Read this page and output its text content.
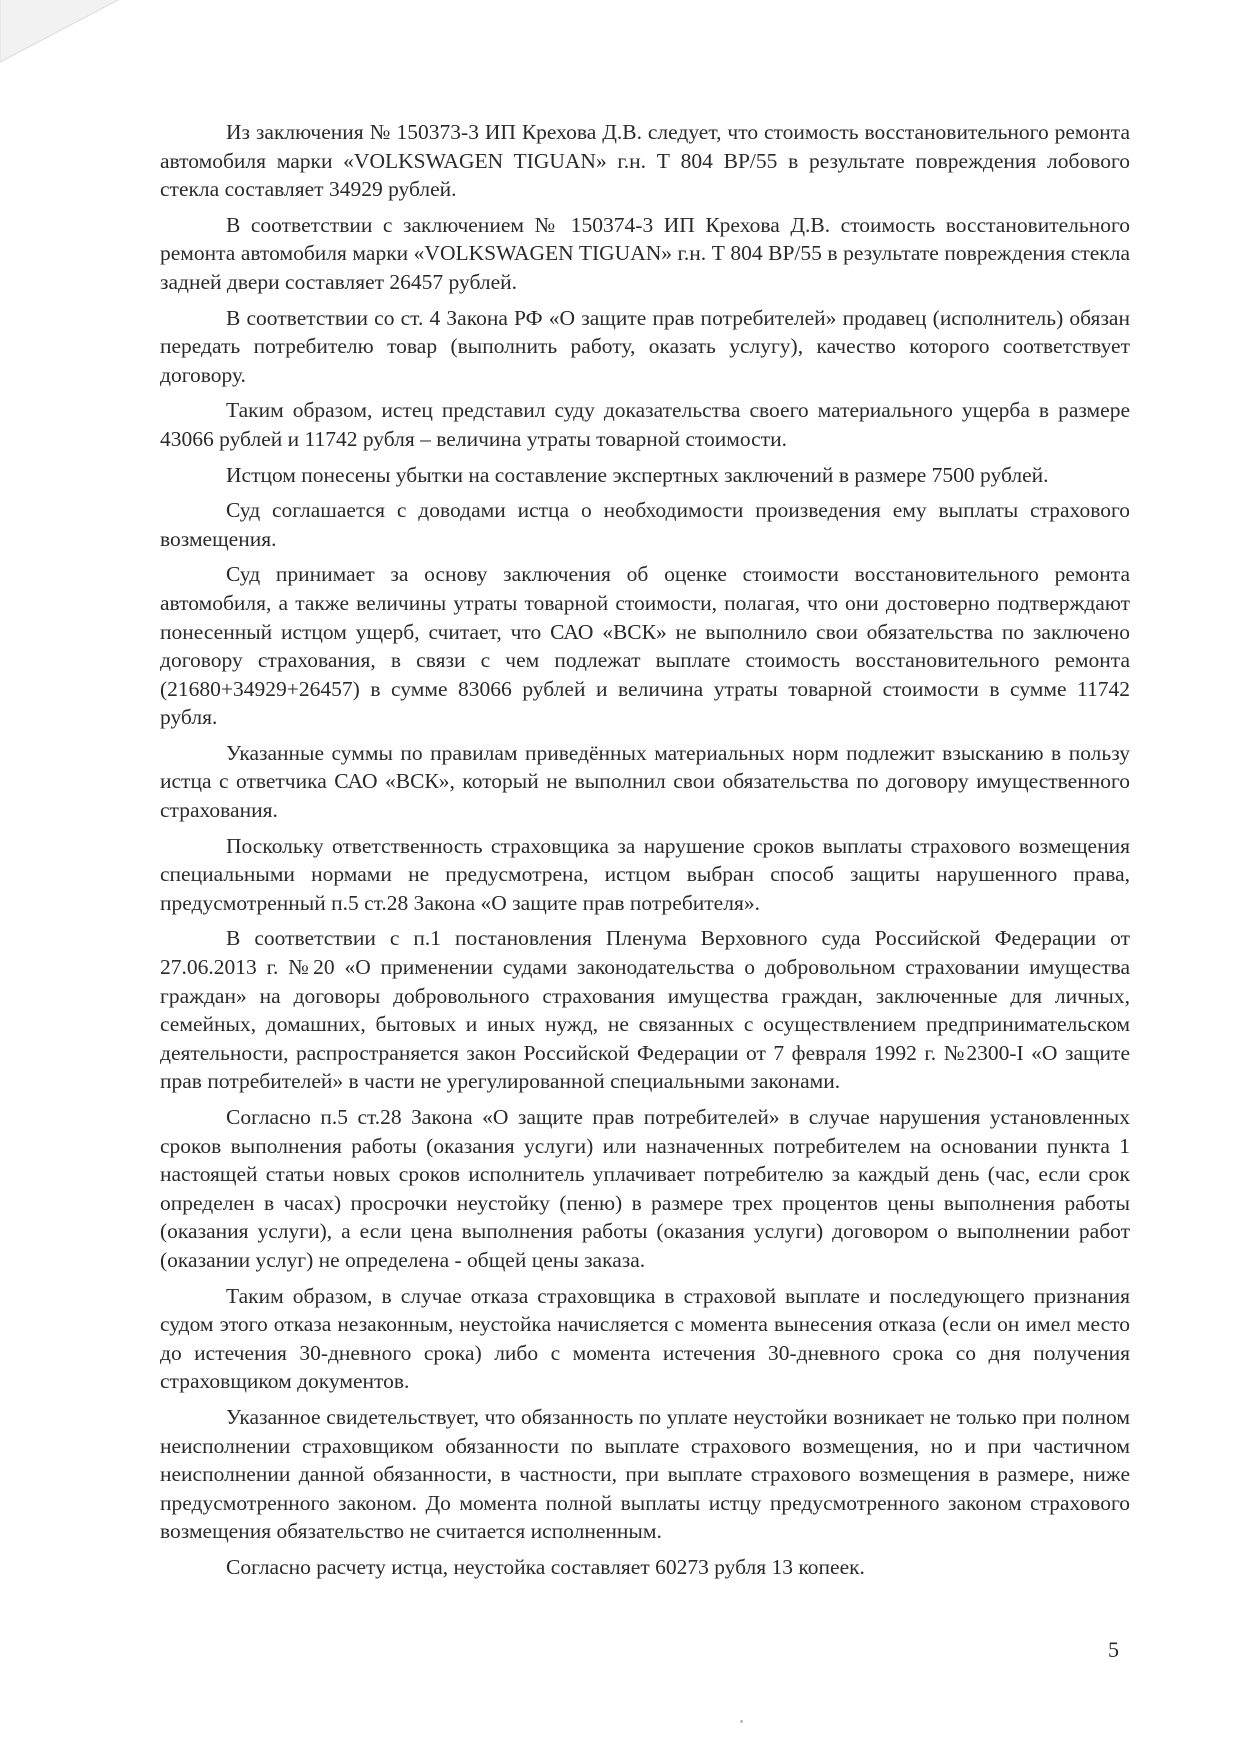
Из заключения № 150373-3 ИП Крехова Д.В. следует, что стоимость восстановительного ремонта автомобиля марки «VOLKSWAGEN TIGUAN» г.н. Т 804 ВР/55 в результате повреждения лобового стекла составляет 34929 рублей.

В соответствии с заключением № 150374-3 ИП Крехова Д.В. стоимость восстановительного ремонта автомобиля марки «VOLKSWAGEN TIGUAN» г.н. Т 804 ВР/55 в результате повреждения стекла задней двери составляет 26457 рублей.

В соответствии со ст. 4 Закона РФ «О защите прав потребителей» продавец (исполнитель) обязан передать потребителю товар (выполнить работу, оказать услугу), качество которого соответствует договору.

Таким образом, истец представил суду доказательства своего материального ущерба в размере 43066 рублей и 11742 рубля – величина утраты товарной стоимости.

Истцом понесены убытки на составление экспертных заключений в размере 7500 рублей.

Суд соглашается с доводами истца о необходимости произведения ему выплаты страхового возмещения.

Суд принимает за основу заключения об оценке стоимости восстановительного ремонта автомобиля, а также величины утраты товарной стоимости, полагая, что они достоверно подтверждают понесенный истцом ущерб, считает, что САО «ВСК» не выполнило свои обязательства по заключено договору страхования, в связи с чем подлежат выплате стоимость восстановительного ремонта (21680+34929+26457) в сумме 83066 рублей и величина утраты товарной стоимости в сумме 11742 рубля.

Указанные суммы по правилам приведённых материальных норм подлежит взысканию в пользу истца с ответчика САО «ВСК», который не выполнил свои обязательства по договору имущественного страхования.

Поскольку ответственность страховщика за нарушение сроков выплаты страхового возмещения специальными нормами не предусмотрена, истцом выбран способ защиты нарушенного права, предусмотренный п.5 ст.28 Закона «О защите прав потребителя».

В соответствии с п.1 постановления Пленума Верховного суда Российской Федерации от 27.06.2013 г. №20 «О применении судами законодательства о добровольном страховании имущества граждан» на договоры добровольного страхования имущества граждан, заключенные для личных, семейных, домашних, бытовых и иных нужд, не связанных с осуществлением предпринимательском деятельности, распространяется закон Российской Федерации от 7 февраля 1992 г. №2300-I «О защите прав потребителей» в части не урегулированной специальными законами.

Согласно п.5 ст.28 Закона «О защите прав потребителей» в случае нарушения установленных сроков выполнения работы (оказания услуги) или назначенных потребителем на основании пункта 1 настоящей статьи новых сроков исполнитель уплачивает потребителю за каждый день (час, если срок определен в часах) просрочки неустойку (пеню) в размере трех процентов цены выполнения работы (оказания услуги), а если цена выполнения работы (оказания услуги) договором о выполнении работ (оказании услуг) не определена - общей цены заказа.

Таким образом, в случае отказа страховщика в страховой выплате и последующего признания судом этого отказа незаконным, неустойка начисляется с момента вынесения отказа (если он имел место до истечения 30-дневного срока) либо с момента истечения 30-дневного срока со дня получения страховщиком документов.

Указанное свидетельствует, что обязанность по уплате неустойки возникает не только при полном неисполнении страховщиком обязанности по выплате страхового возмещения, но и при частичном неисполнении данной обязанности, в частности, при выплате страхового возмещения в размере, ниже предусмотренного законом. До момента полной выплаты истцу предусмотренного законом страхового возмещения обязательство не считается исполненным.

Согласно расчету истца, неустойка составляет 60273 рубля 13 копеек.

5
